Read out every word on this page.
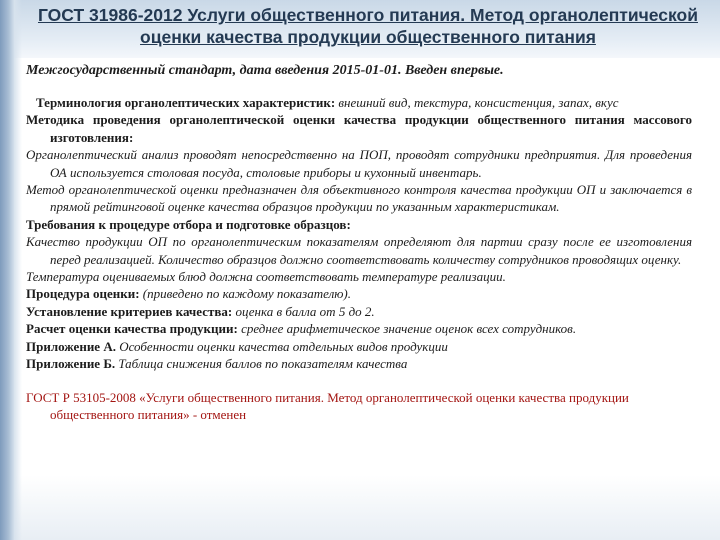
ГОСТ 31986-2012 Услуги общественного питания. Метод органолептической оценки качества продукции общественного питания

Межгосударственный стандарт, дата введения 2015-01-01. Введен впервые.

Терминология органолептических характеристик: внешний вид, текстура, консистенция, запах, вкус

Методика проведения органолептической оценки качества продукции общественного питания массового изготовления:

Органолептический анализ проводят непосредственно на ПОП, проводят сотрудники предприятия. Для проведения ОА используется столовая посуда, столовые приборы и кухонный инвентарь.

Метод органолептической оценки предназначен для объективного контроля качества продукции ОП и заключается в прямой рейтинговой оценке качества образцов продукции по указанным характеристикам.

Требования к процедуре отбора и подготовке образцов:

Качество продукции ОП по органолептическим показателям определяют для партии сразу после ее изготовления перед реализацией. Количество образцов должно соответствовать количеству сотрудников проводящих оценку.

Температура оцениваемых блюд должна соответствовать температуре реализации.

Процедура оценки: (приведено по каждому показателю).

Установление критериев качества: оценка в балла от 5 до 2.

Расчет оценки качества продукции: среднее арифметическое значение оценок всех сотрудников.

Приложение А. Особенности оценки качества отдельных видов продукции

Приложение Б. Таблица снижения баллов по показателям качества

ГОСТ Р 53105-2008 «Услуги общественного питания. Метод органолептической оценки качества продукции общественного питания» - отменен
